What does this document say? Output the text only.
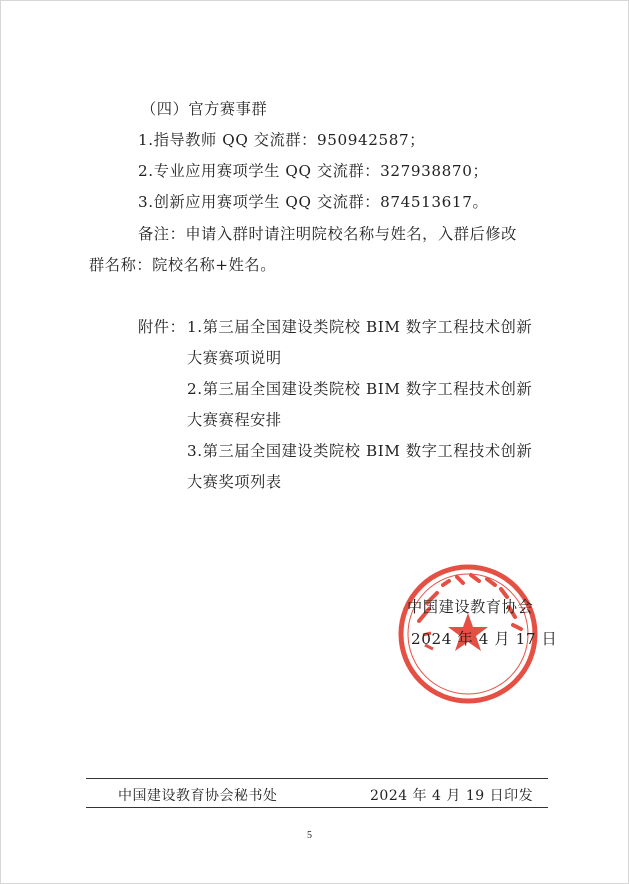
（四）官方赛事群
1.指导教师 QQ 交流群：950942587；
2.专业应用赛项学生 QQ 交流群：327938870；
3.创新应用赛项学生 QQ 交流群：874513617。
备注：申请入群时请注明院校名称与姓名，入群后修改
群名称：院校名称+姓名。
附件： 1.第三届全国建设类院校 BIM 数字工程技术创新
大赛赛项说明
2.第三届全国建设类院校 BIM 数字工程技术创新
大赛赛程安排
3.第三届全国建设类院校 BIM 数字工程技术创新
大赛奖项列表
中国建设教育协会
2024 年 4 月 17 日
中国建设教育协会秘书处	2024 年 4 月 19 日印发
5
